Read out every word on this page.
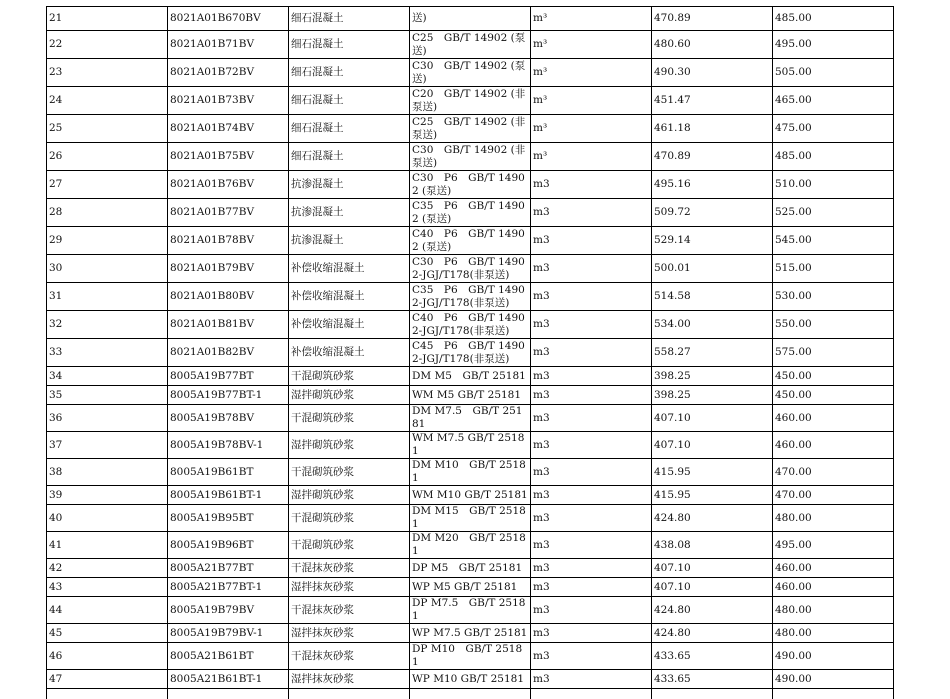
21	8021A01B670BV	细石混凝土	送)	m³	470.89	485.00
22	8021A01B71BV	细石混凝土	C25　GB/T 14902 (泵送)	m³	480.60	495.00
23	8021A01B72BV	细石混凝土	C30　GB/T 14902 (泵送)	m³	490.30	505.00
24	8021A01B73BV	细石混凝土	C20　GB/T 14902 (非泵送)	m³	451.47	465.00
25	8021A01B74BV	细石混凝土	C25　GB/T 14902 (非泵送)	m³	461.18	475.00
26	8021A01B75BV	细石混凝土	C30　GB/T 14902 (非泵送)	m³	470.89	485.00
27	8021A01B76BV	抗渗混凝土	C30　P6　GB/T 14902 (泵送)	m3	495.16	510.00
28	8021A01B77BV	抗渗混凝土	C35　P6　GB/T 14902 (泵送)	m3	509.72	525.00
29	8021A01B78BV	抗渗混凝土	C40　P6　GB/T 14902 (泵送)	m3	529.14	545.00
30	8021A01B79BV	补偿收缩混凝土	C30　P6　GB/T 14902-JGJ/T178(非泵送)	m3	500.01	515.00
31	8021A01B80BV	补偿收缩混凝土	C35　P6　GB/T 14902-JGJ/T178(非泵送)	m3	514.58	530.00
32	8021A01B81BV	补偿收缩混凝土	C40　P6　GB/T 14902-JGJ/T178(非泵送)	m3	534.00	550.00
33	8021A01B82BV	补偿收缩混凝土	C45　P6　GB/T 14902-JGJ/T178(非泵送)	m3	558.27	575.00
34	8005A19B77BT	干混砌筑砂浆	DM M5　GB/T 25181	m3	398.25	450.00
35	8005A19B77BT-1	湿拌砌筑砂浆	WM M5 GB/T 25181	m3	398.25	450.00
36	8005A19B78BV	干混砌筑砂浆	DM M7.5　GB/T 25181	m3	407.10	460.00
37	8005A19B78BV-1	湿拌砌筑砂浆	WM M7.5 GB/T 25181	m3	407.10	460.00
38	8005A19B61BT	干混砌筑砂浆	DM M10　GB/T 25181	m3	415.95	470.00
39	8005A19B61BT-1	湿拌砌筑砂浆	WM M10 GB/T 25181	m3	415.95	470.00
40	8005A19B95BT	干混砌筑砂浆	DM M15　GB/T 25181	m3	424.80	480.00
41	8005A19B96BT	干混砌筑砂浆	DM M20　GB/T 25181	m3	438.08	495.00
42	8005A21B77BT	干混抹灰砂浆	DP M5　GB/T 25181	m3	407.10	460.00
43	8005A21B77BT-1	湿拌抹灰砂浆	WP M5 GB/T 25181	m3	407.10	460.00
44	8005A19B79BV	干混抹灰砂浆	DP M7.5　GB/T 25181	m3	424.80	480.00
45	8005A19B79BV-1	湿拌抹灰砂浆	WP M7.5 GB/T 25181	m3	424.80	480.00
46	8005A21B61BT	干混抹灰砂浆	DP M10　GB/T 25181	m3	433.65	490.00
47	8005A21B61BT-1	湿拌抹灰砂浆	WP M10 GB/T 25181	m3	433.65	490.00
